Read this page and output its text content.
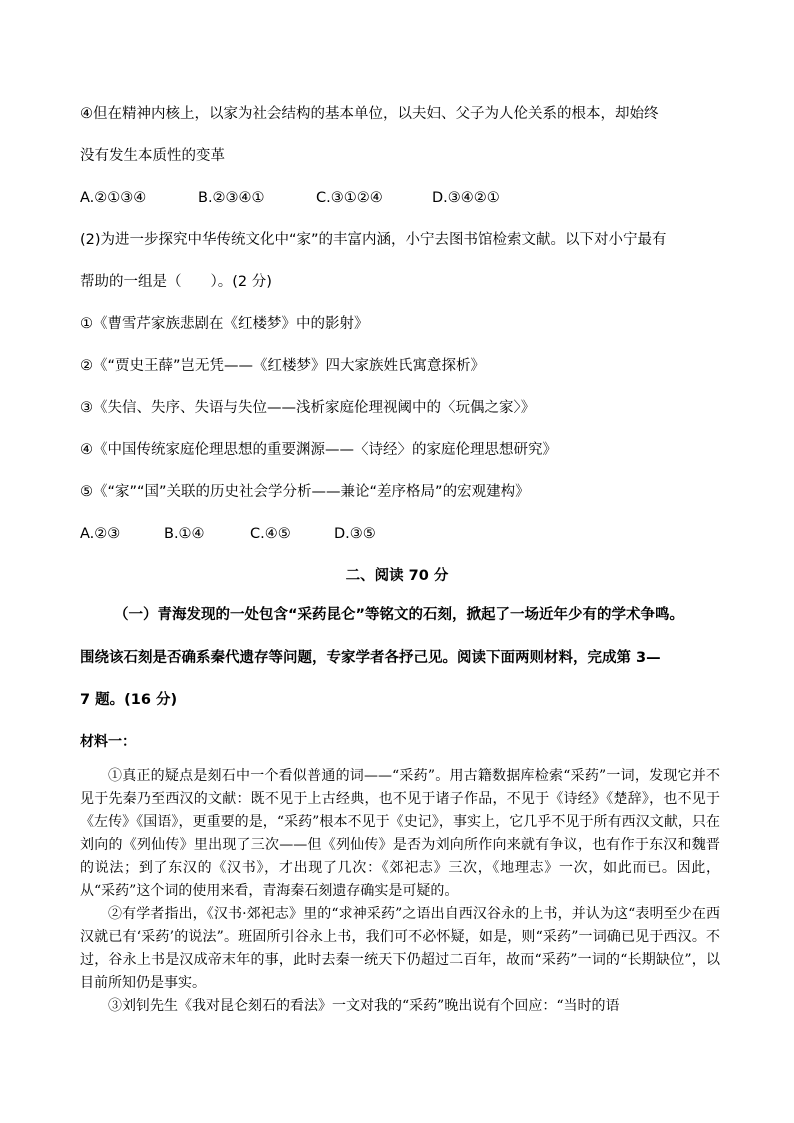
④但在精神内核上，以家为社会结构的基本单位，以夫妇、父子为人伦关系的根本，却始终
没有发生本质性的变革
A.②①③④	B.②③④①	C.③①②④	D.③④②①
(2)为进一步探究中华传统文化中“家”的丰富内涵，小宁去图书馆检索文献。以下对小宁最有
帮助的一组是（　　）。(2 分)
①《曹雪芹家族悲剧在《红楼梦》中的影射》
②《“贾史王薛”岂无凭——《红楼梦》四大家族姓氏寓意探析》
③《失信、失序、失语与失位——浅析家庭伦理视阈中的〈玩偶之家〉》
④《中国传统家庭伦理思想的重要渊源——〈诗经〉的家庭伦理思想研究》
⑤《“家”“国”关联的历史社会学分析——兼论“差序格局”的宏观建构》
A.②③	B.①④	C.④⑤	D.③⑤
二、阅读 70 分
（一）青海发现的一处包含“采药昆仑”等铭文的石刻，掀起了一场近年少有的学术争鸣。
围绕该石刻是否确系秦代遗存等问题，专家学者各抒己见。阅读下面两则材料，完成第 3—
7 题。(16 分)
材料一：

①真正的疑点是刻石中一个看似普通的词——“采药”。用古籍数据库检索“采药”一词，发现它并不见于先秦乃至西汉的文献：既不见于上古经典，也不见于诸子作品，不见于《诗经》《楚辞》，也不见于《左传》《国语》，更重要的是，“采药”根本不见于《史记》，事实上，它几乎不见于所有西汉文献，只在刘向的《列仙传》里出现了三次——但《列仙传》是否为刘向所作向来就有争议，也有作于东汉和魏晋的说法；到了东汉的《汉书》，才出现了几次：《郊祀志》三次，《地理志》一次，如此而已。因此，从“采药”这个词的使用来看，青海秦石刻遗存确实是可疑的。

②有学者指出，《汉书·郊祀志》里的“求神采药”之语出自西汉谷永的上书，并认为这“表明至少在西汉就已有‘采药’的说法”。班固所引谷永上书，我们可不必怀疑，如是，则“采药”一词确已见于西汉。不过，谷永上书是汉成帝末年的事，此时去秦一统天下仍超过二百年，故而“采药”一词的“长期缺位”，以目前所知仍是事实。

③刘钊先生《我对昆仑刻石的看法》一文对我的“采药”晚出说有个回应：“当时的语
